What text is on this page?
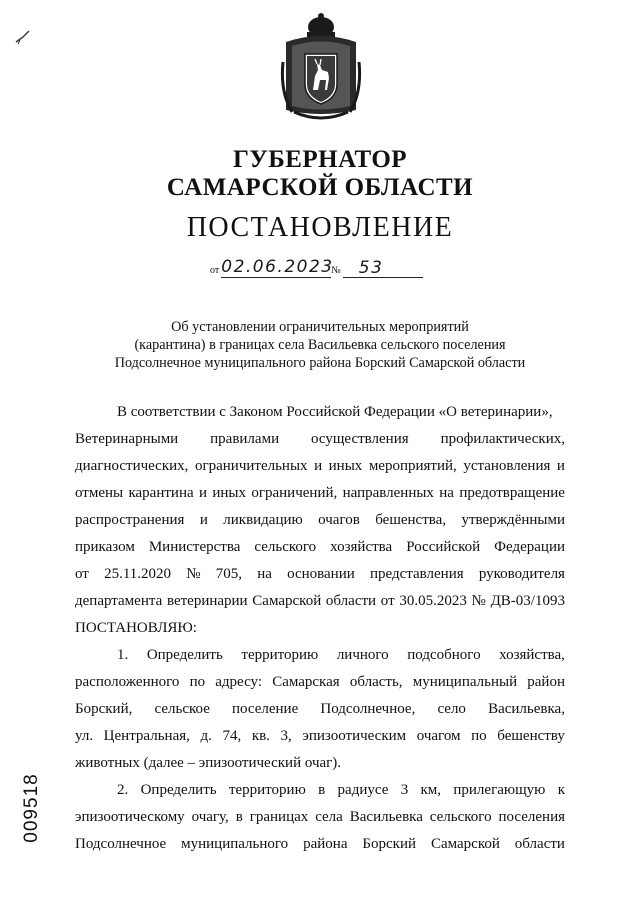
ГУБЕРНАТОР
САМАРСКОЙ ОБЛАСТИ
ПОСТАНОВЛЕНИЕ
от 02.06.2023
№	53
Об установлении ограничительных мероприятий
(карантина) в границах села Васильевка сельского поселения
Подсолнечное муниципального района Борский Самарской области
В соответствии с Законом Российской Федерации «О ветеринарии»,
Ветеринарными правилами осуществления профилактических,
диагностических, ограничительных и иных мероприятий, установления и
отмены карантина и иных ограничений, направленных на предотвращение
распространения и ликвидацию очагов бешенства, утверждёнными
приказом Министерства сельского хозяйства Российской Федерации
от 25.11.2020 № 705, на основании представления руководителя
департамента ветеринарии Самарской области от 30.05.2023 № ДВ-03/1093
ПОСТАНОВЛЯЮ:
1. Определить территорию личного подсобного хозяйства,
расположенного по адресу: Самарская область, муниципальный район
Борский, сельское поселение Подсолнечное, село Васильевка,
ул. Центральная, д. 74, кв. 3, эпизоотическим очагом по бешенству
животных (далее – эпизоотический очаг).
2. Определить территорию в радиусе 3 км, прилегающую к
эпизоотическому очагу, в границах села Васильевка сельского поселения
Подсолнечное муниципального района Борский Самарской области
009518
